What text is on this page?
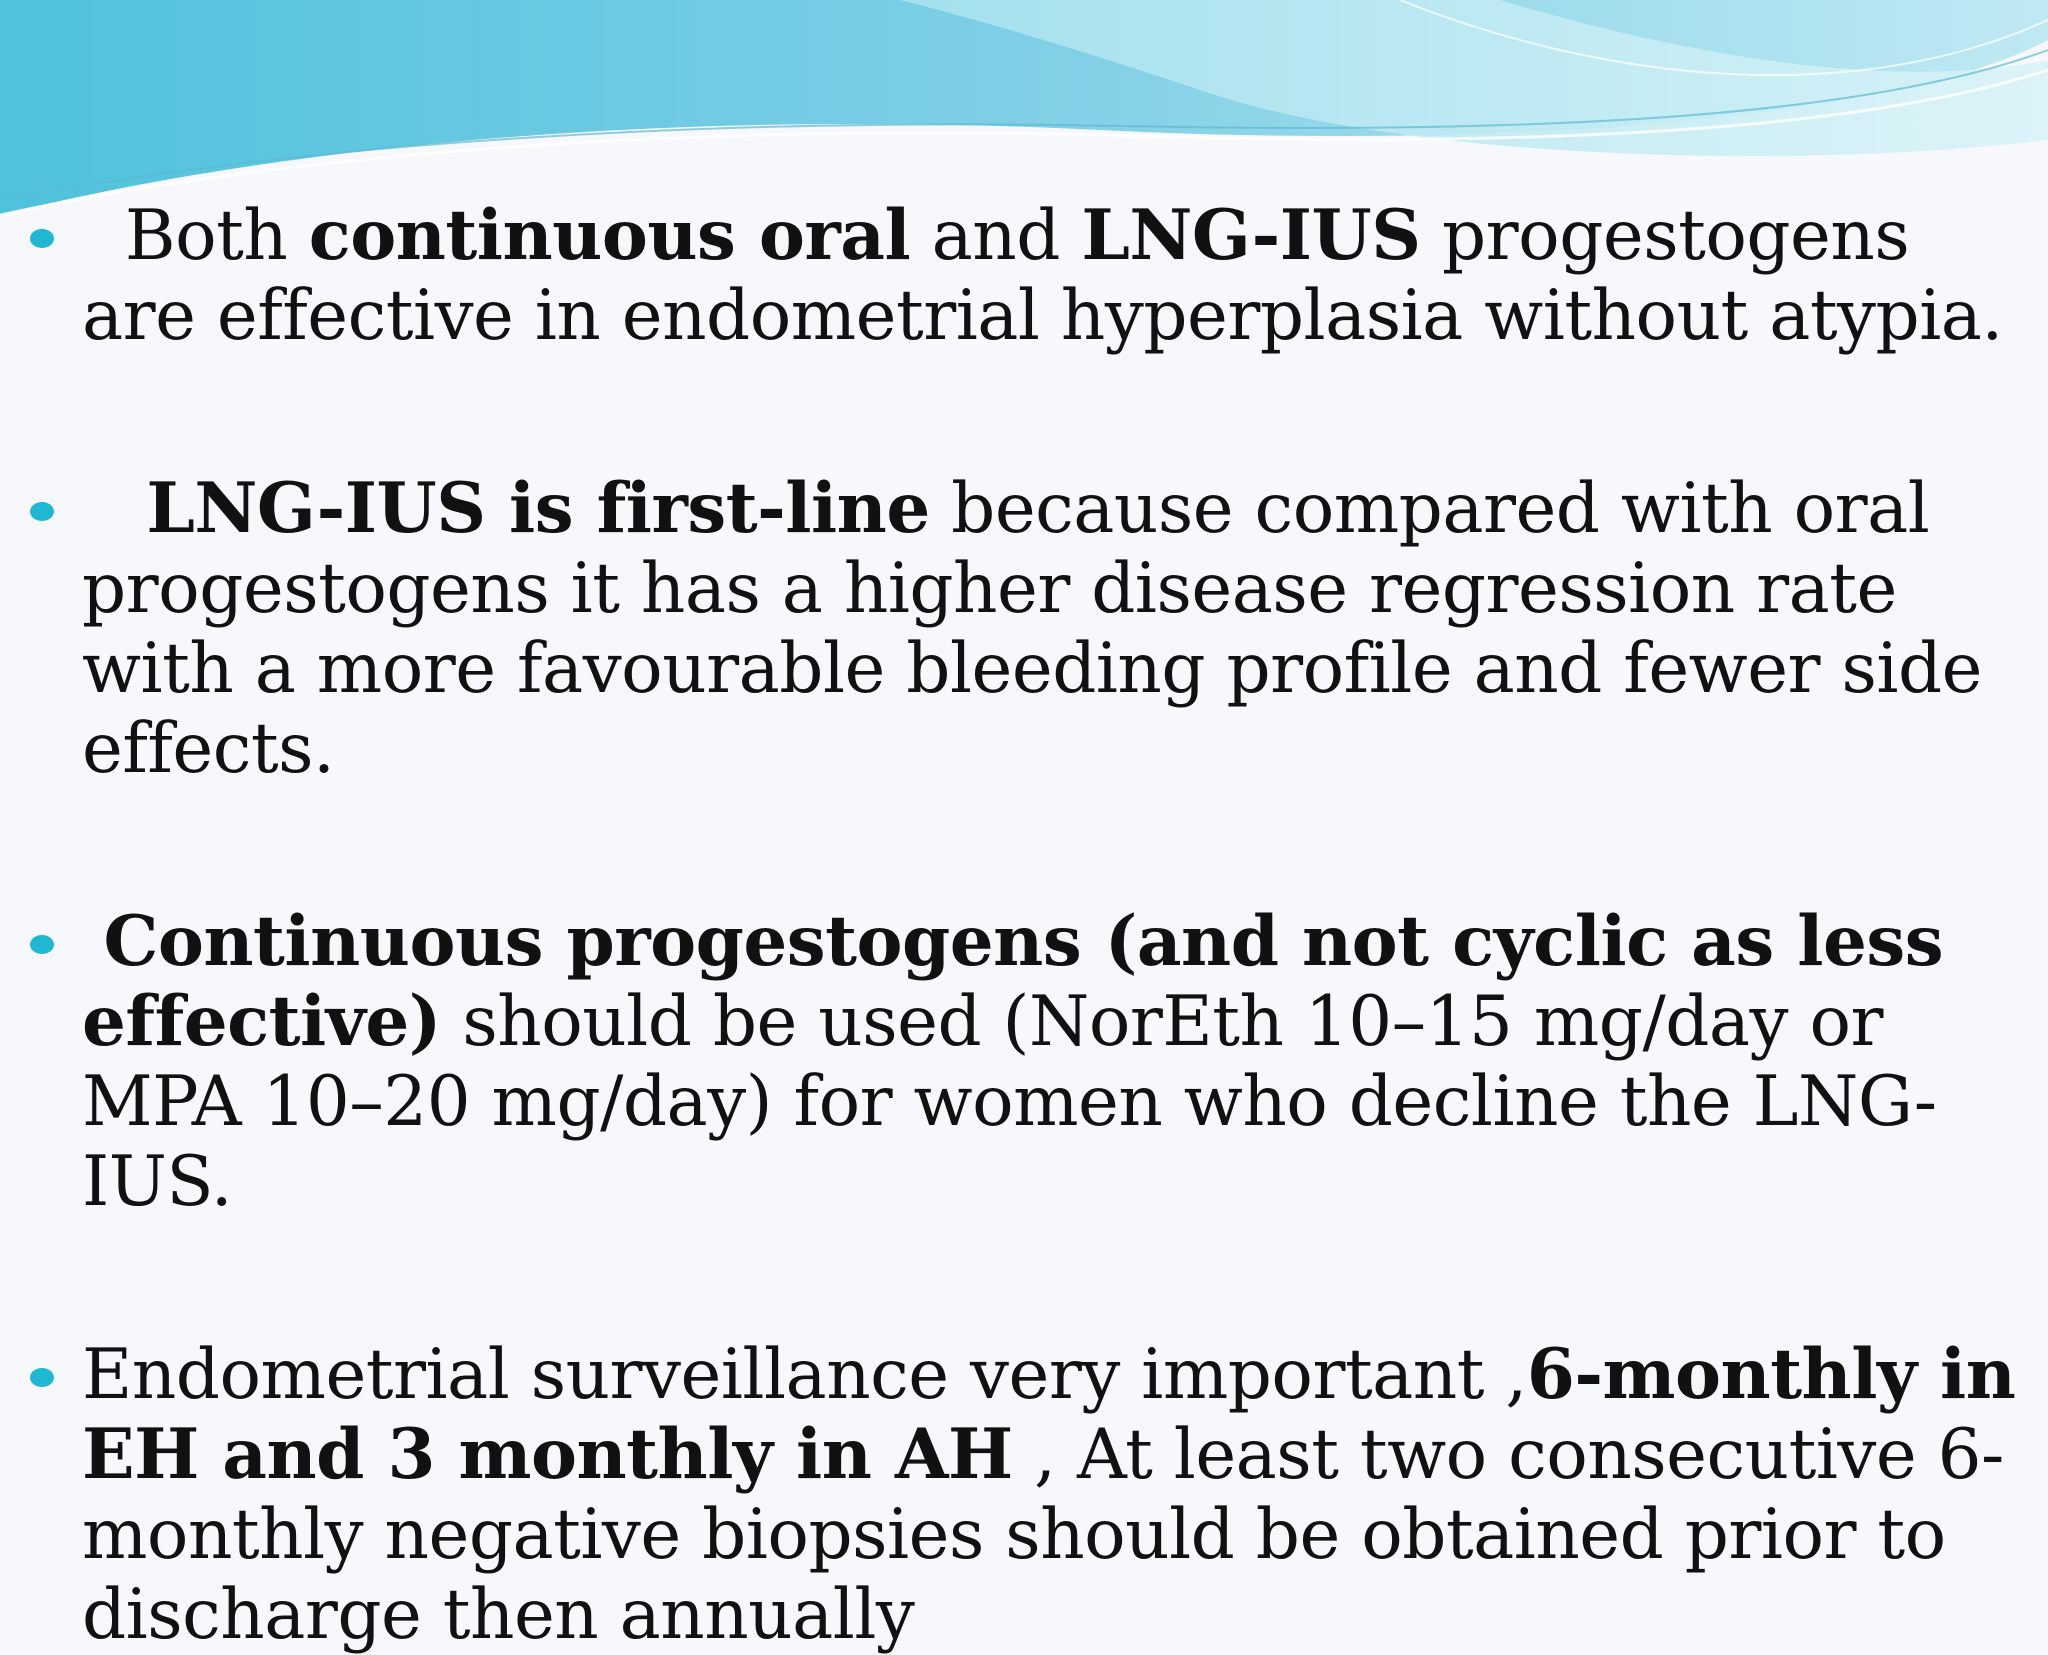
Both continuous oral and LNG-IUS progestogens are effective in endometrial hyperplasia without atypia.
LNG-IUS is first-line because compared with oral progestogens it has a higher disease regression rate with a more favourable bleeding profile and fewer side effects.
Continuous progestogens (and not cyclic as less effective) should be used (NorEth 10–15 mg/day or MPA 10–20 mg/day) for women who decline the LNG-IUS.
Endometrial surveillance very important ,6-monthly in EH and 3 monthly in AH , At least two consecutive 6-monthly negative biopsies should be obtained prior to discharge then annually
